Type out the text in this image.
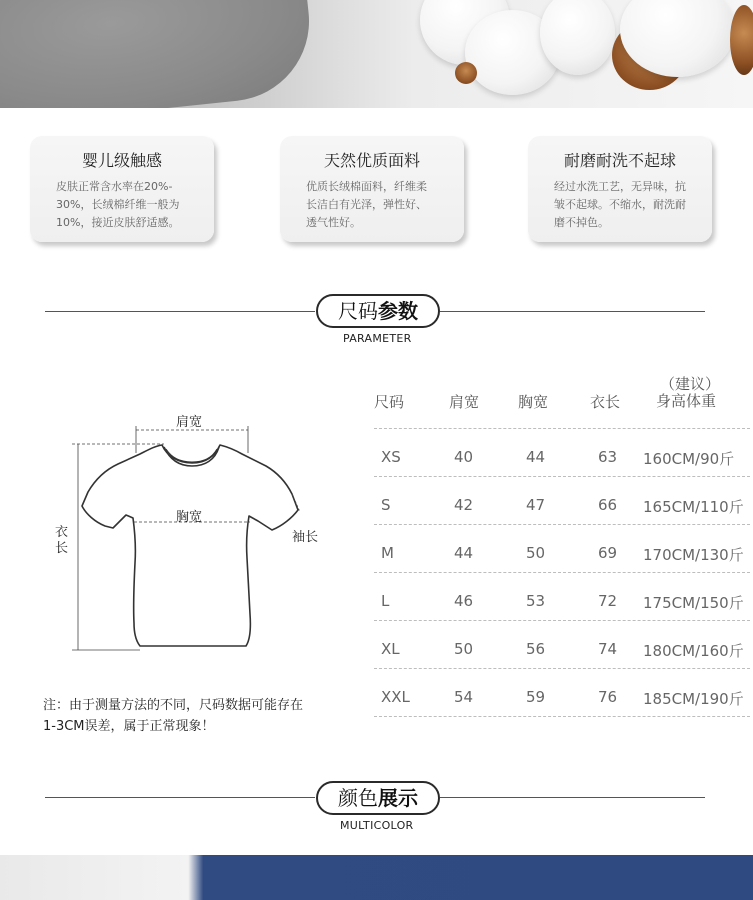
婴儿级触感
皮肤正常含水率在20%-
30%，长绒棉纤维一般为
10%，接近皮肤舒适感。
天然优质面料
优质长绒棉面料，纤维柔
长洁白有光泽，弹性好、
透气性好。
耐磨耐洗不起球
经过水洗工艺，无异味，抗
皱不起球。不缩水，耐洗耐
磨不掉色。
尺码参数
PARAMETER
肩宽
胸宽
衣长
袖长
尺码	肩宽	胸宽	衣长
（建议）
身高体重
XS	40	44	63 160CM/90斤
S	42	47	66 165CM/110斤
M	44	50	69 170CM/130斤
L	46	53	72 175CM/150斤
XL	50	56	74 180CM/160斤
XXL	54	59	76 185CM/190斤
注：由于测量方法的不同，尺码数据可能存在
1-3CM误差，属于正常现象！
颜色展示
MULTICOLOR
